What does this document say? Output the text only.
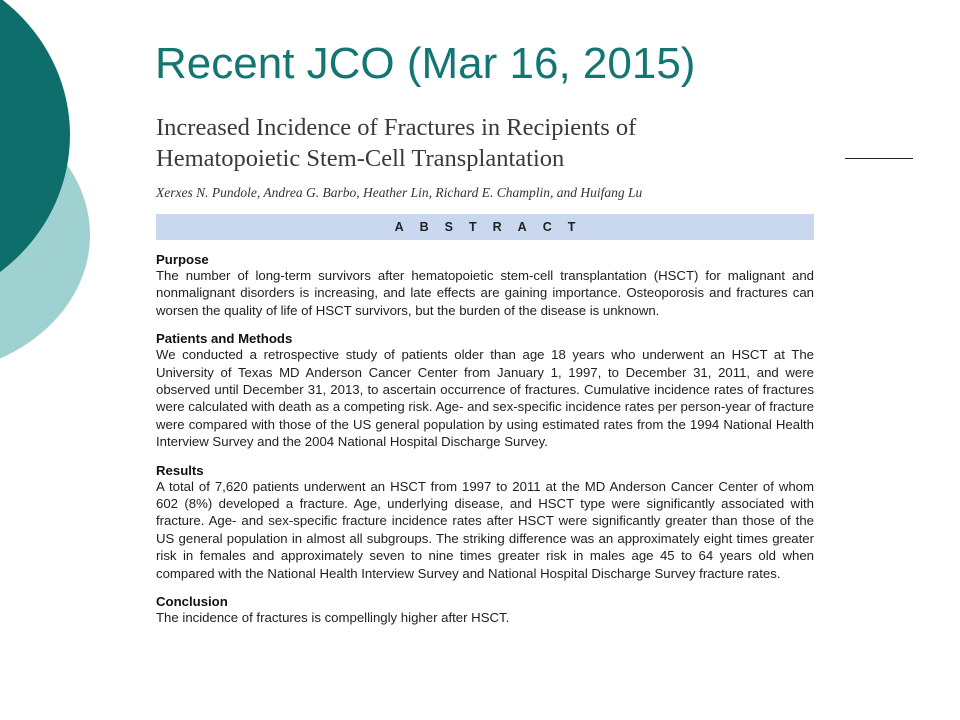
Recent JCO (Mar 16, 2015)
Increased Incidence of Fractures in Recipients of
Hematopoietic Stem-Cell Transplantation

Xerxes N. Pundole, Andrea G. Barbo, Heather Lin, Richard E. Champlin, and Huifang Lu

ABSTRACT
Purpose

The number of long-term survivors after hematopoietic stem-cell transplantation (HSCT) for malignant and nonmalignant disorders is increasing, and late effects are gaining importance. Osteoporosis and fractures can worsen the quality of life of HSCT survivors, but the burden of the disease is unknown.

Patients and Methods

We conducted a retrospective study of patients older than age 18 years who underwent an HSCT at The University of Texas MD Anderson Cancer Center from January 1, 1997, to December 31, 2011, and were observed until December 31, 2013, to ascertain occurrence of fractures. Cumulative incidence rates of fractures were calculated with death as a competing risk. Age- and sex-specific incidence rates per person-year of fracture were compared with those of the US general population by using estimated rates from the 1994 National Health Interview Survey and the 2004 National Hospital Discharge Survey.

Results

A total of 7,620 patients underwent an HSCT from 1997 to 2011 at the MD Anderson Cancer Center of whom 602 (8%) developed a fracture. Age, underlying disease, and HSCT type were significantly associated with fracture. Age- and sex-specific fracture incidence rates after HSCT were significantly greater than those of the US general population in almost all subgroups. The striking difference was an approximately eight times greater risk in females and approximately seven to nine times greater risk in males age 45 to 64 years old when compared with the National Health Interview Survey and National Hospital Discharge Survey fracture rates.

Conclusion

The incidence of fractures is compellingly higher after HSCT.
